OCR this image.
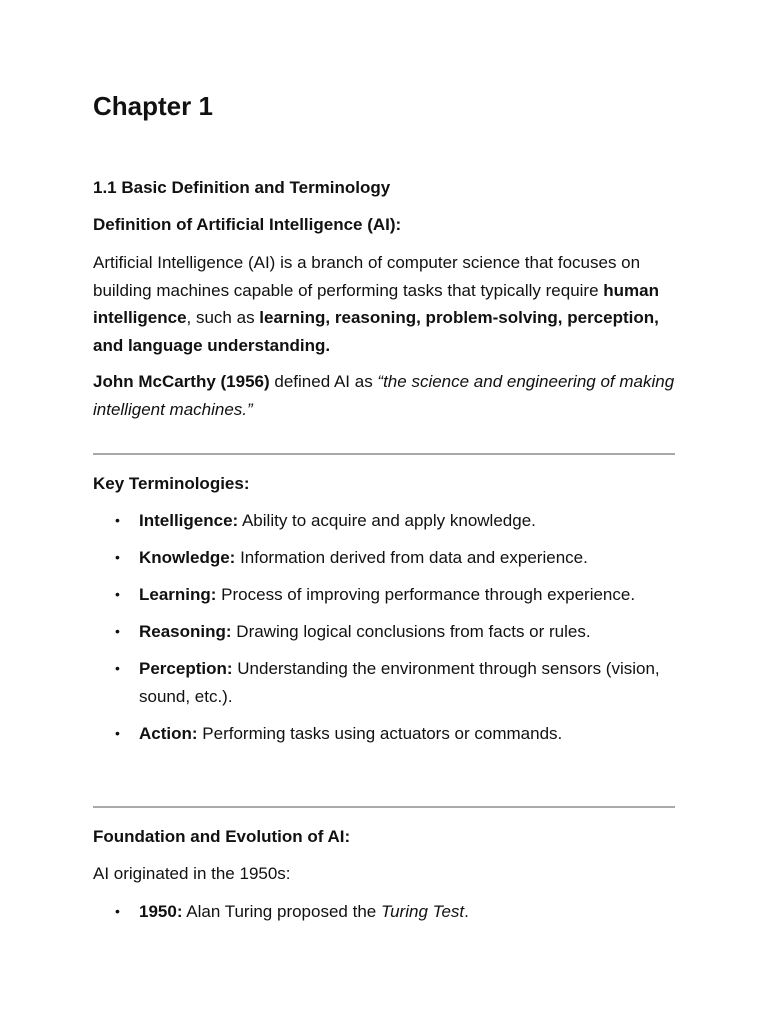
Chapter 1

1.1 Basic Definition and Terminology

Definition of Artificial Intelligence (AI):

Artificial Intelligence (AI) is a branch of computer science that focuses on building machines capable of performing tasks that typically require human intelligence, such as learning, reasoning, problem-solving, perception, and language understanding.

John McCarthy (1956) defined AI as “the science and engineering of making intelligent machines.”

Key Terminologies:

• Intelligence: Ability to acquire and apply knowledge.
• Knowledge: Information derived from data and experience.
• Learning: Process of improving performance through experience.
• Reasoning: Drawing logical conclusions from facts or rules.
• Perception: Understanding the environment through sensors (vision, sound, etc.).
• Action: Performing tasks using actuators or commands.

Foundation and Evolution of AI:

AI originated in the 1950s:

• 1950: Alan Turing proposed the Turing Test.
